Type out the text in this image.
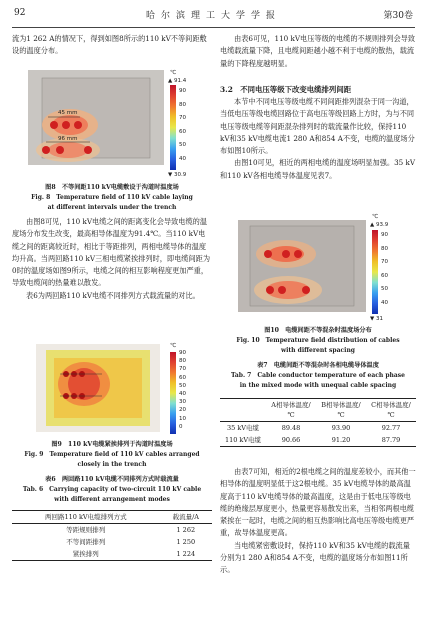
92	哈尔滨理工大学学报	第30卷

流为1 262 A的情况下，得到如图8所示的110 kV不等间距敷设的温度分布。

45 mm
96 mm
℃
▲ 91.4
90
80
70
60
50
40
▼ 30.9
图8　不等间距110 kV电缆敷设于沟道时温度场
Fig. 8　Temperature field of 110 kV cable laying
at different intervals under the trench

由图8可见，110 kV电缆之间的距离变化会导致电缆的温度场分布发生改变，最高相导体温度为91.4℃。当110 kV电缆之间的距离较近时，相比于等距排列，两相电缆导体的温度均升高。当两回路110 kV三相电缆紧挨排列时，即电缆间距为0时的温度场如图9所示，电缆之间的相互影响程度更加严重，导致电缆间的热量难以散发。

表6为两回路110 kV电缆不同排列方式载流量的对比。

℃
90
80
70
60
50
40
30
20
10
0
图9　110 kV电缆紧挨排列于沟道时温度场
Fig. 9　Temperature field of 110 kV cables arranged
closely in the trench
表6　两回路110 kV电缆不同排列方式时载流量
Tab. 6　Carrying capacity of two-circuit 110 kV cable
with different arrangement modes
两回路110 kV电缆排列方式	载流量/A
等距规则排列	1 262
不等间距排列	1 250
紧挨排列	1 224

由表6可见，110 kV电压等级的电缆的不规则排列会导致电缆载流量下降，且电缆间距越小越不利于电缆的散热，载流量的下降程度越明显。

3.2　不同电压等级下改变电缆排列间距

本节中不同电压等级电缆不同间距排列混杂于同一沟道，当低电压等级电缆回路位于高电压等级回路上方时，为与不同电压等级电缆等间距混杂排列时的载流量作比较，保持110 kV和35 kV电缆电流1 280 A和854 A不变，电缆的温度场分布如图10所示。

由图10可见，相近的两相电缆的温度场明显加强。35 kV和110 kV各相电缆导体温度见表7。

℃
▲ 93.9
90
80
70
60
50
40
▼ 31
图10　电缆间距不等混杂时温度场分布
Fig. 10　Temperature field distribution of cables
with different spacing
表7　电缆间距不等混杂时各相电缆导体温度
Tab. 7　Cable conductor temperature of each phase
in the mixed mode with unequal cable spacing
	A相导体温度/℃	B相导体温度/℃	C相导体温度/℃
35 kV电缆	89.48	93.90	92.77
110 kV电缆	90.66	91.20	87.79

由表7可知，相近的2根电缆之间的温度差较小，而其他一相导体的温度明显低于这2根电缆。35 kV电缆导体的最高温度高于110 kV电缆导体的最高温度，这是由于低电压等级电缆的绝缘层厚度更小，热量更容易散发出来，当相邻两根电缆紧挨在一起时，电缆之间的相互热影响比高电压等级电缆更严重，故导体温度更高。

当电缆紧密敷设时，保持110 kV和35 kV电缆的载流量分别为1 280 A和854 A不变，电缆的温度场分布如图11所示。
